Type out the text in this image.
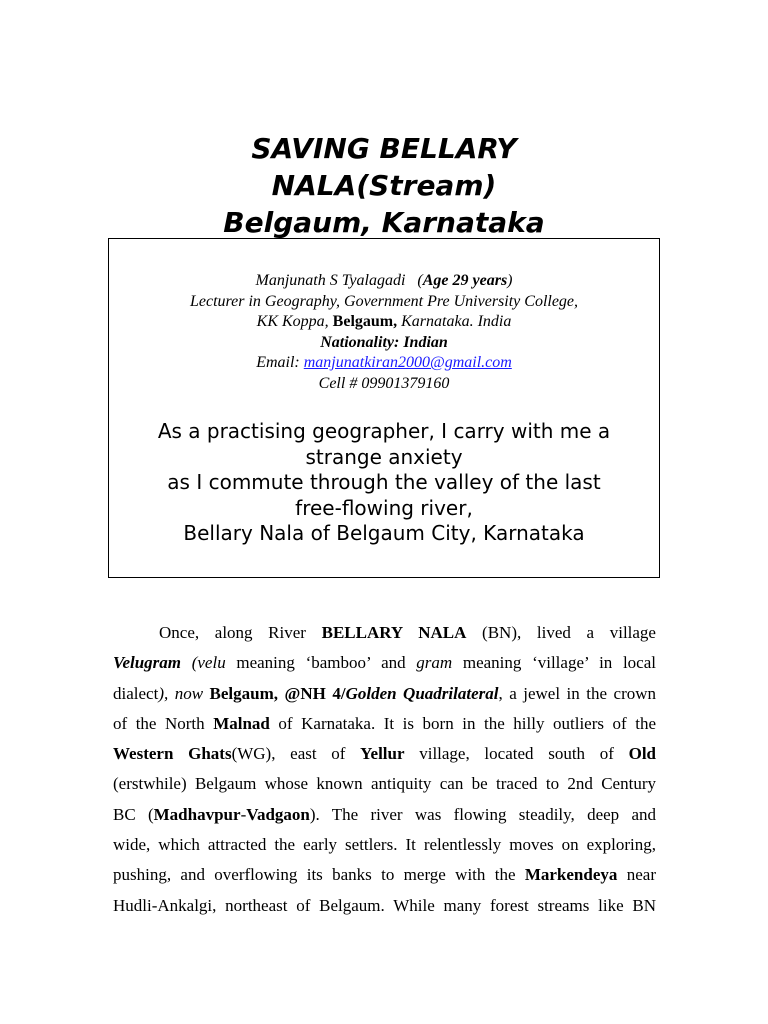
SAVING BELLARY
NALA(Stream)
Belgaum, Karnataka
Manjunath S Tyalagadi (Age 29 years)
Lecturer in Geography, Government Pre University College,
KK Koppa, Belgaum, Karnataka. India
Nationality: Indian
Email: manjunatkiran2000@gmail.com
Cell # 09901379160
As a practising geographer, I carry with me a
strange anxiety
as I commute through the valley of the last
free-flowing river,
Bellary Nala of Belgaum City, Karnataka
Once, along River BELLARY NALA (BN), lived a village
Velugram (velu meaning ‘bamboo’ and gram meaning ‘village’ in local
dialect), now Belgaum, @NH 4/Golden Quadrilateral, a jewel in the crown
of the North Malnad of Karnataka. It is born in the hilly outliers of the
Western Ghats(WG), east of Yellur village, located south of Old
(erstwhile) Belgaum whose known antiquity can be traced to 2nd Century
BC (Madhavpur-Vadgaon). The river was flowing steadily, deep and
wide, which attracted the early settlers. It relentlessly moves on exploring,
pushing, and overflowing its banks to merge with the Markendeya near
Hudli-Ankalgi, northeast of Belgaum. While many forest streams like BN
